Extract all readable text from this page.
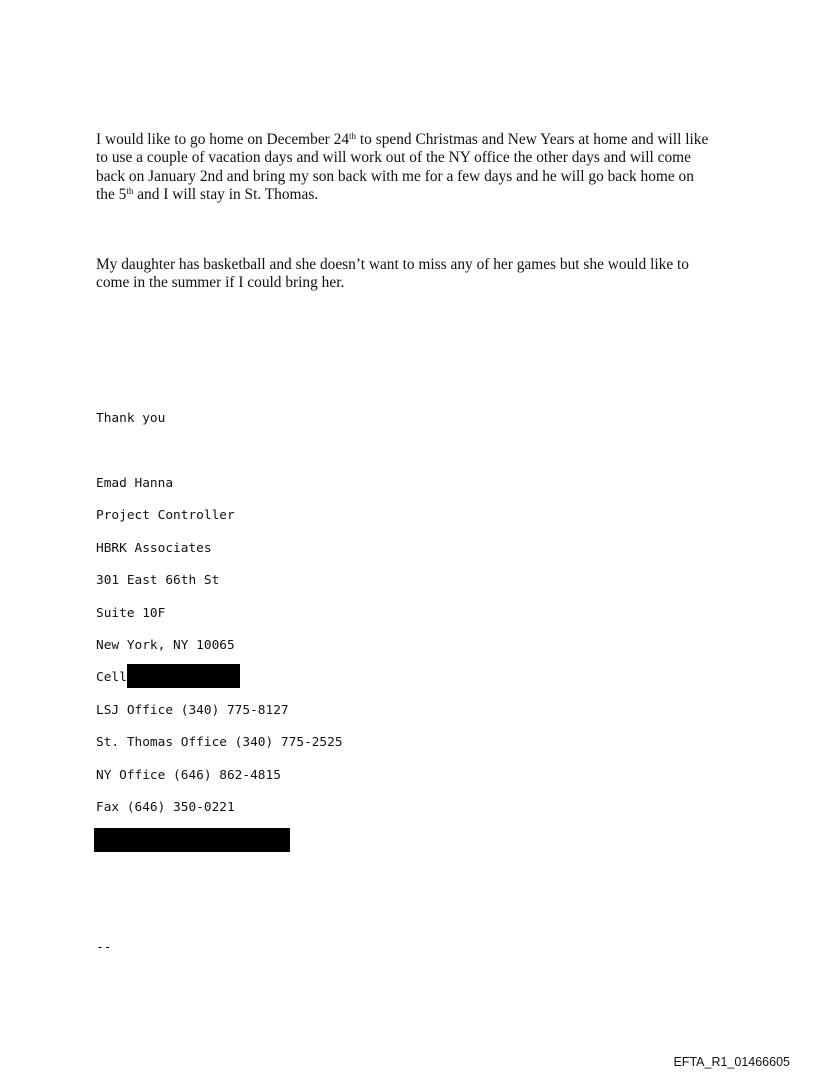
I would like to go home on December 24th to spend Christmas and New Years at home and will like to use a couple of vacation days and will work out of the NY office the other days and will come back on January 2nd and bring my son back with me for a few days and he will go back home on the 5th and I will stay in St. Thomas.

My daughter has basketball and she doesn’t want to miss any of her games but she would like to come in the summer if I could bring her.

Thank you
Emad Hanna
Project Controller
HBRK Associates
301 East 66th St
Suite 10F
New York, NY 10065
Cell
LSJ Office (340) 775-8127
St. Thomas Office (340) 775-2525
NY Office (646) 862-4815
Fax (646) 350-0221
--
EFTA_R1_01466605
